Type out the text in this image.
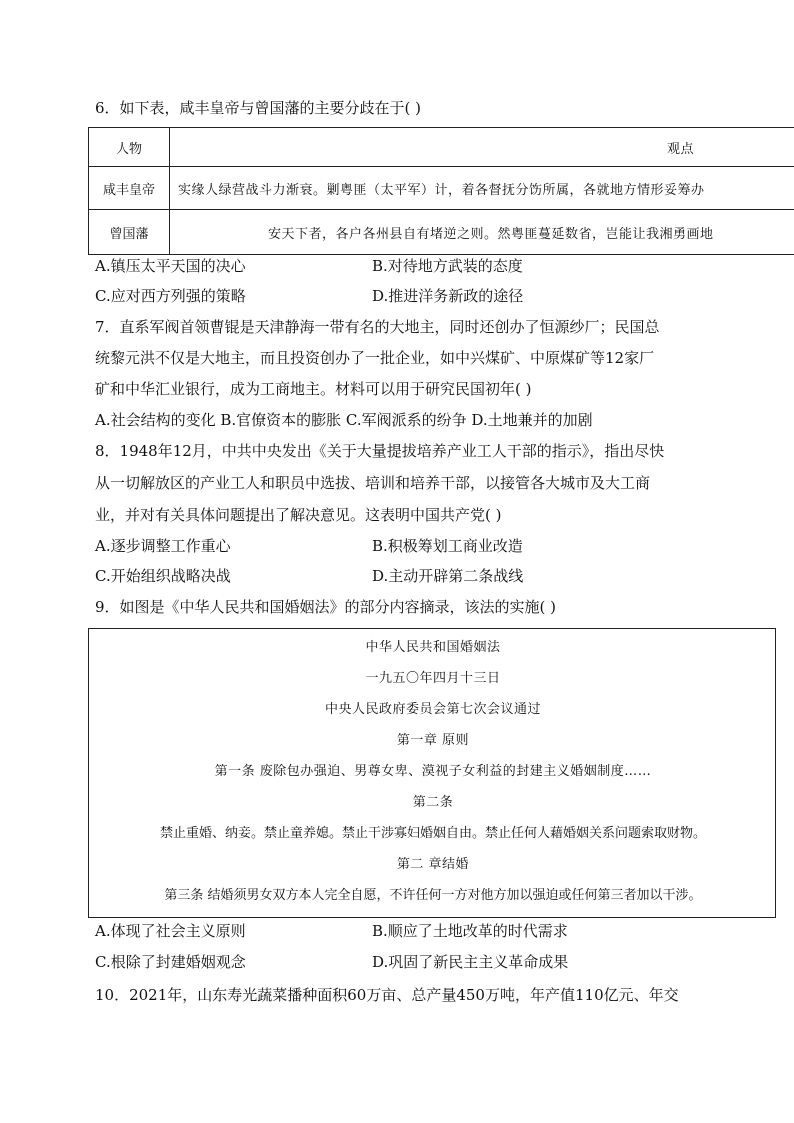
6．如下表，咸丰皇帝与曾国藩的主要分歧在于( )
人物	观点
咸丰皇帝	实缘人绿营战斗力渐衰。剿粤匪（太平军）计，着各督抚分饬所属，各就地方情形妥筹办
曾国藩	安天下者，各户各州县自有堵逆之则。然粤匪蔓延数省，岂能让我湘勇画地
A.镇压太平天国的决心	B.对待地方武装的态度
C.应对西方列强的策略	D.推进洋务新政的途径
7．直系军阀首领曹锟是天津静海一带有名的大地主，同时还创办了恒源纱厂；民国总
统黎元洪不仅是大地主，而且投资创办了一批企业，如中兴煤矿、中原煤矿等12家厂
矿和中华汇业银行，成为工商地主。材料可以用于研究民国初年( )
A.社会结构的变化 B.官僚资本的膨胀 C.军阀派系的纷争 D.土地兼并的加剧
8．1948年12月，中共中央发出《关于大量提拔培养产业工人干部的指示》，指出尽快
从一切解放区的产业工人和职员中选拔、培训和培养干部，以接管各大城市及大工商
业，并对有关具体问题提出了解决意见。这表明中国共产党( )
A.逐步调整工作重心	B.积极筹划工商业改造
C.开始组织战略决战	D.主动开辟第二条战线
9．如图是《中华人民共和国婚姻法》的部分内容摘录，该法的实施( )
中华人民共和国婚姻法
一九五〇年四月十三日
中央人民政府委员会第七次会议通过
第一章 原则
第一条 废除包办强迫、男尊女卑、漠视子女利益的封建主义婚姻制度……
第二条
禁止重婚、纳妾。禁止童养媳。禁止干涉寡妇婚姻自由。禁止任何人藉婚姻关系问题索取财物。
第二 章结婚
第三条 结婚须男女双方本人完全自愿，不许任何一方对他方加以强迫或任何第三者加以干涉。
A.体现了社会主义原则	B.顺应了土地改革的时代需求
C.根除了封建婚姻观念	D.巩固了新民主主义革命成果
10．2021年，山东寿光蔬菜播种面积60万亩、总产量450万吨，年产值110亿元、年交
